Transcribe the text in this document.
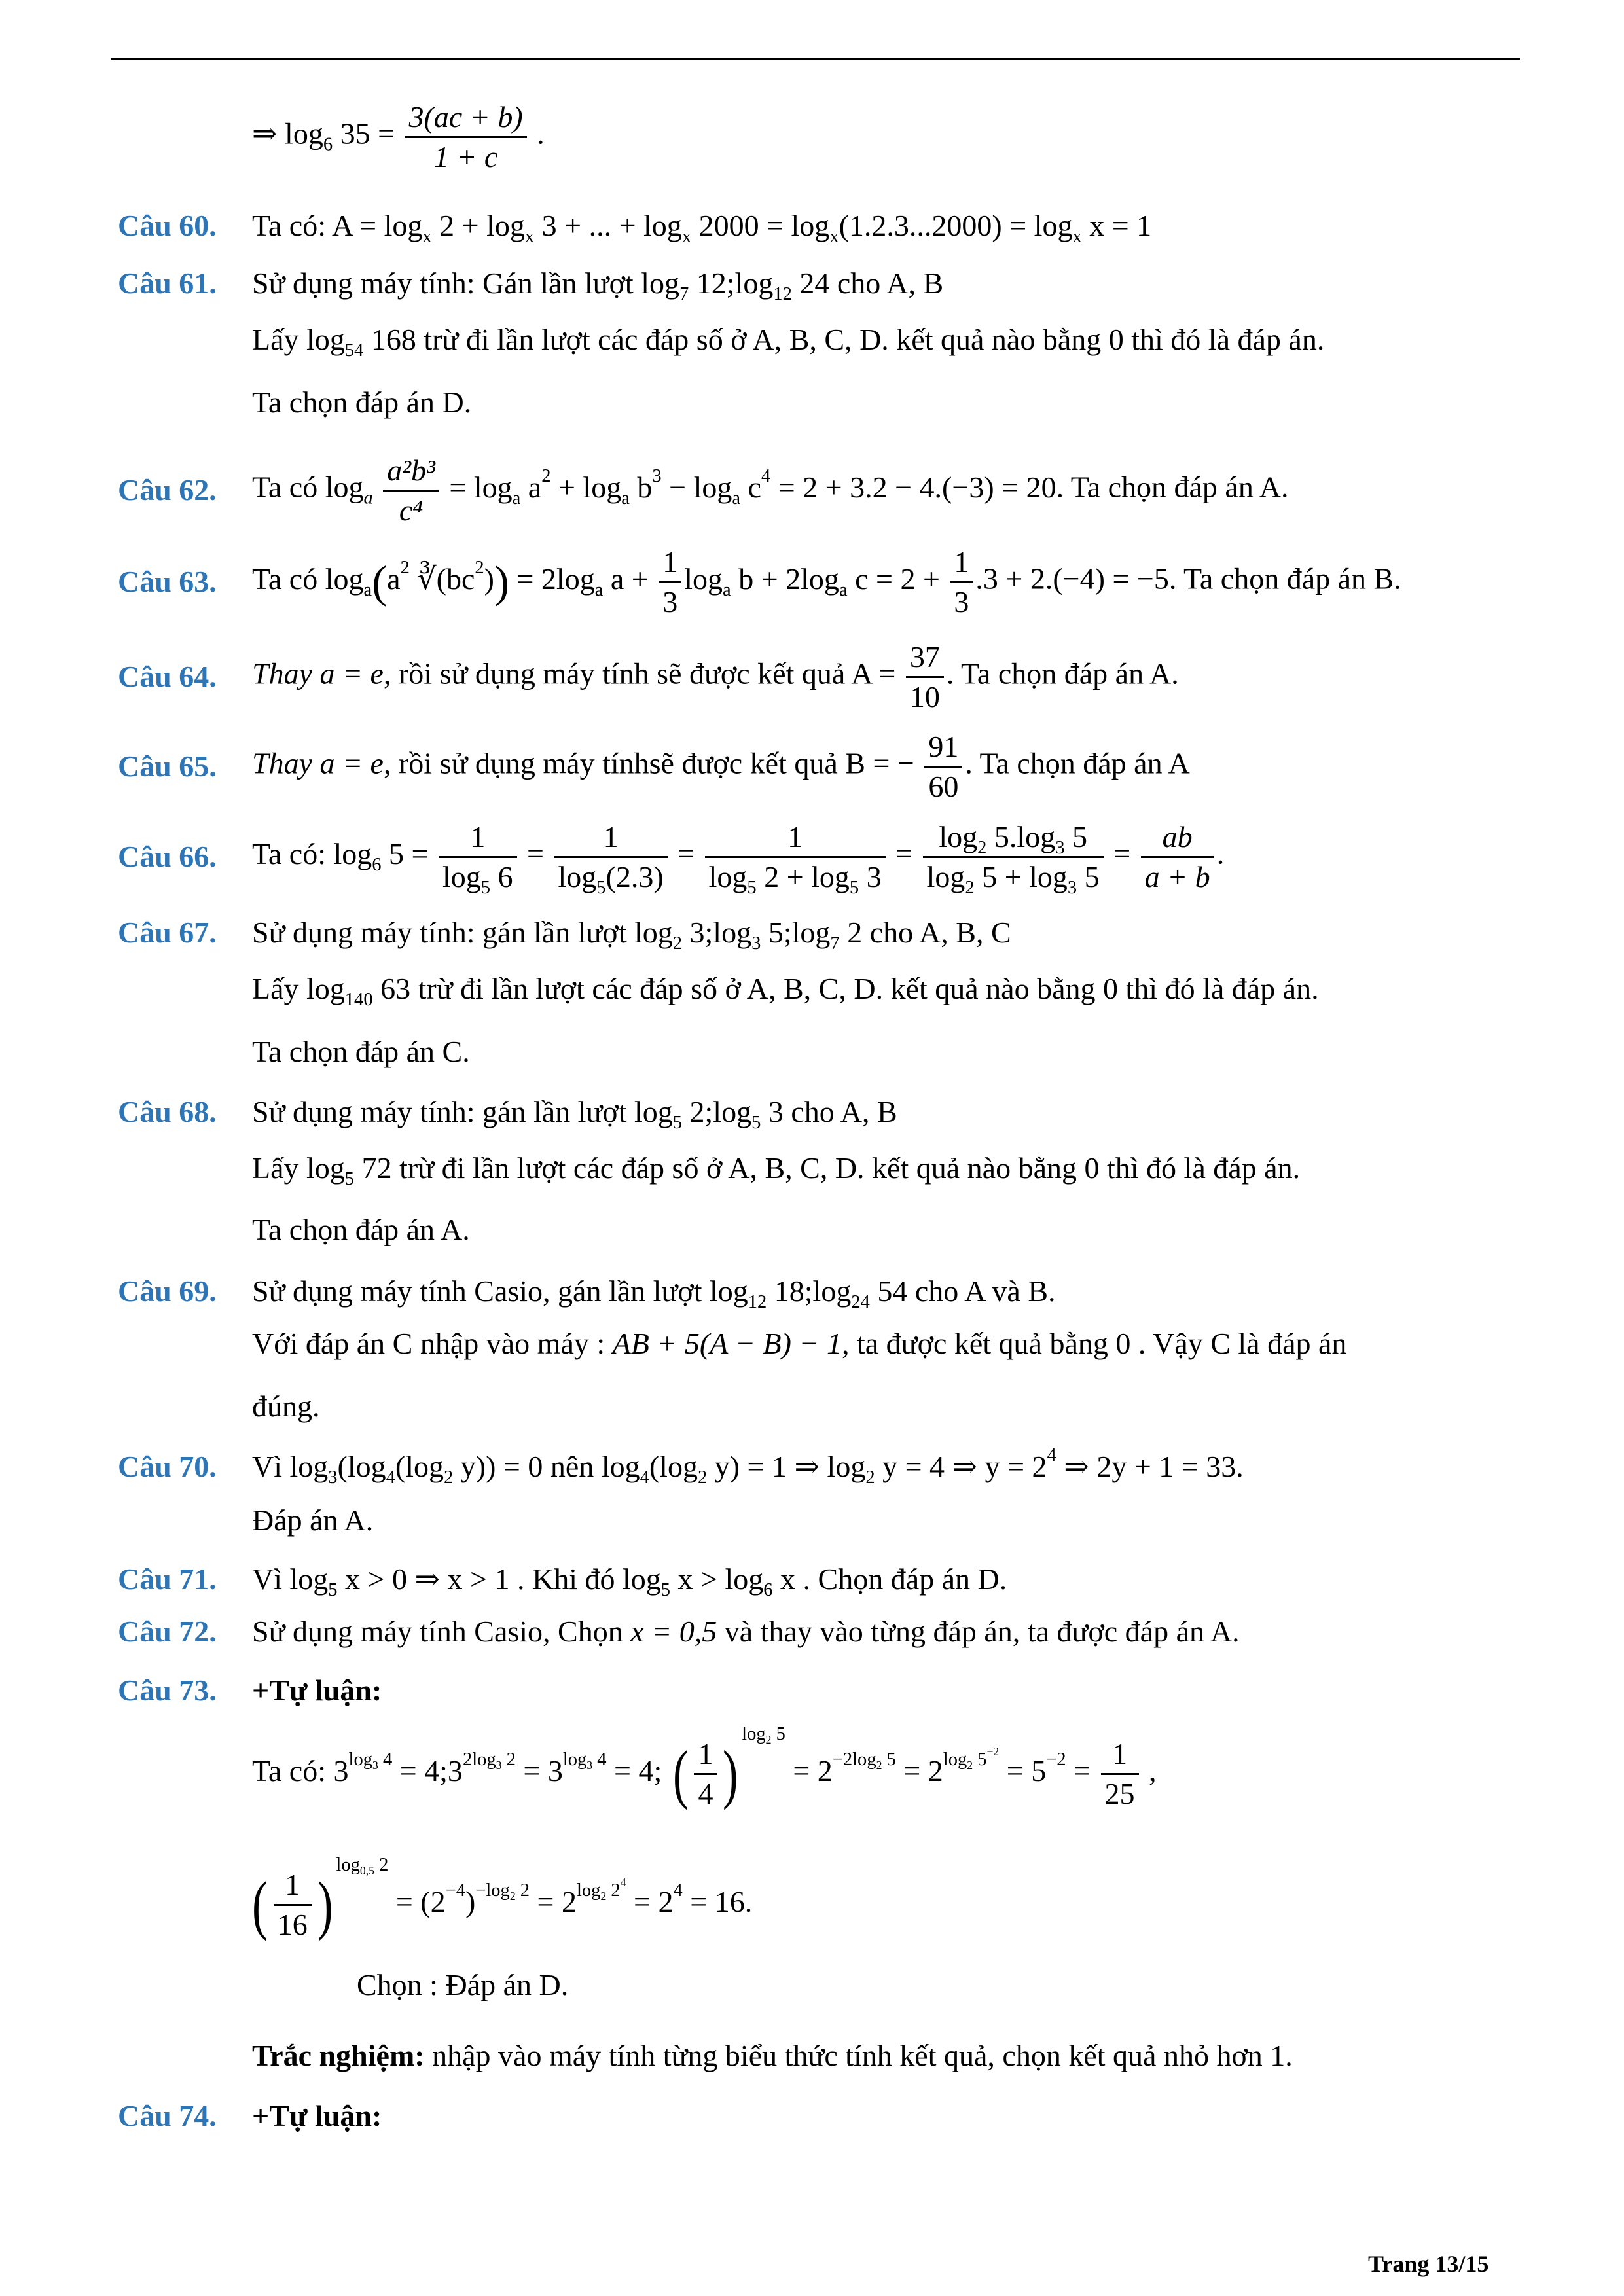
⇒ $\log_6 35 = \frac{3(ac + b)}{1 + c}$ .
Câu 60. Ta có: $A = \log_x 2 + \log_x 3$ + ... + $\log_x 2000 = \log_x(1.2.3...2000) = \log_x x = 1$
Câu 61. Sử dụng máy tính: Gán lần lượt $\log_7$ $12;\log_{12}$ 24 cho A, B
Lấy $\log_{54} 168$ trừ đi lần lượt các đáp số ở A, B, C, D. kết quả nào bằng 0 thì đó là đáp án.
Ta chọn đáp án D.
Câu 62. Ta có $\log_a \frac{\text{a²b³}}{\text{c⁴}} = \log_a a^2 + \log_a b^3 - \log_a c^4 = 2 + 3.2 - 4.(-3) = 20$. Ta chọn đáp án A.
Câu 63. Ta có $\log_a(a^2$ $∛(bc^2)) = 2\log_a$ $a + \frac{1}{3} \log_a b + 2\log_a$ $c = 2 + \frac{1}{3} .3 + 2.(-4) = -5$. Ta chọn đáp án B.
Câu 64. Thay a = e, rồi sử dụng máy tính sẽ được kết quả $A = \frac{37}{10}$ . Ta chọn đáp án A.
Câu 65. Thay a = e, rồi sử dụng máy tínhsẽ được kết quả B = − $\frac{91}{60}$ . Ta chọn đáp án A
Câu 66. Ta có: $\log_6 5 = \frac{1}{\log_5 6} = \frac{1}{\log_5(2.3)} = \frac{1}{\log_5 2 + \log_5 3} = \frac{\log_2 5.\log_3 5}{\log_2 5 + \log_3 5} = \frac{ab}{a + b}$ .
Câu 67. Sử dụng máy tính: gán lần lượt $\log_2$ $3;\log_3$ $5;\log_7$ 2 cho A, B, C
Lấy $\log_{140} 63$ trừ đi lần lượt các đáp số ở A, B, C, D. kết quả nào bằng 0 thì đó là đáp án.
Ta chọn đáp án C.
Câu 68. Sử dụng máy tính: gán lần lượt $\log_5$ $2;\log_5$ 3 cho A, B
Lấy $\log_5 72$ trừ đi lần lượt các đáp số ở A, B, C, D. kết quả nào bằng 0 thì đó là đáp án.
Ta chọn đáp án A.
Câu 69. Sử dụng máy tính Casio, gán lần lượt $\log_{12}$ $18;\log_{24}$ 54 cho A và B.
Với đáp án C nhập vào máy : AB + 5(A − B) − 1, ta được kết quả bằng 0 . Vậy C là đáp án
đúng.
Câu 70. Vì $\log_3(\log_4(\log_2$ y)) = 0 nên $\log_4(\log_2$ y) = 1 ⇒ $\log_2 y = 4$ ⇒ $y = 2^4$ ⇒ 2y + 1 = 33.
Đáp án A.
Câu 71. Vì $\log_5 x > 0$ ⇒ x > 1 . Khi đó $\log_5 x > \log_6 x$ . Chọn đáp án D.
Câu 72. Sử dụng máy tính Casio, Chọn x = 0,5 và thay vào từng đáp án, ta được đáp án A.
Câu 73. +Tự luận:
Ta có: $3^{log_3 4}$ = $4;3^{2log_3 2} = 3^{log_3 4} = 4$; ( $\frac{1}{4} )^{log_2 5} = 2^{-2log_2 5} = 2^{log_2 5^{-2}} = 5^{-2} = \frac{1}{25}$ ,
( $\frac{1}{16} )^{log_{0,5} 2} = (2^{-4})^{-log_2 2} = 2^{log_2 2^4} = 2^4 = 16$.
Chọn : Đáp án D.
Trắc nghiệm: nhập vào máy tính từng biểu thức tính kết quả, chọn kết quả nhỏ hơn 1.
Câu 74. +Tự luận:
Trang 13/15
